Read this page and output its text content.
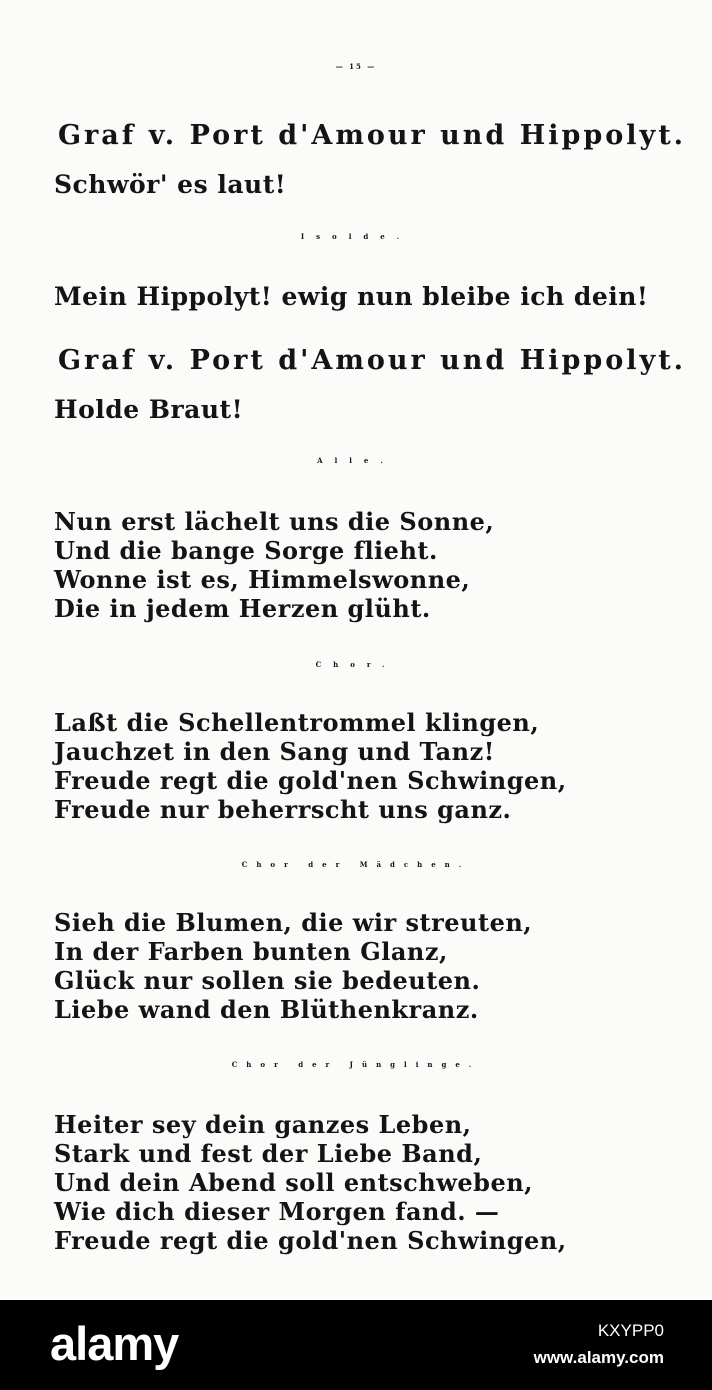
— 15 —
Graf v. Port d'Amour und Hippolyt.
Schwör' es laut!
Isolde.
Mein Hippolyt! ewig nun bleibe ich dein!
Graf v. Port d'Amour und Hippolyt.
Holde Braut!
Alle.
Nun erst lächelt uns die Sonne,
Und die bange Sorge flieht.
Wonne ist es, Himmelswonne,
Die in jedem Herzen glüht.
Chor.
Laßt die Schellentrommel klingen,
Jauchzet in den Sang und Tanz!
Freude regt die gold'nen Schwingen,
Freude nur beherrscht uns ganz.
Chor der Mädchen.
Sieh die Blumen, die wir streuten,
In der Farben bunten Glanz,
Glück nur sollen sie bedeuten.
Liebe wand den Blüthenkranz.
Chor der Jünglinge.
Heiter sey dein ganzes Leben,
Stark und fest der Liebe Band,
Und dein Abend soll entschweben,
Wie dich dieser Morgen fand. —
Freude regt die gold'nen Schwingen,
alamy	KXYPP0
www.alamy.com
